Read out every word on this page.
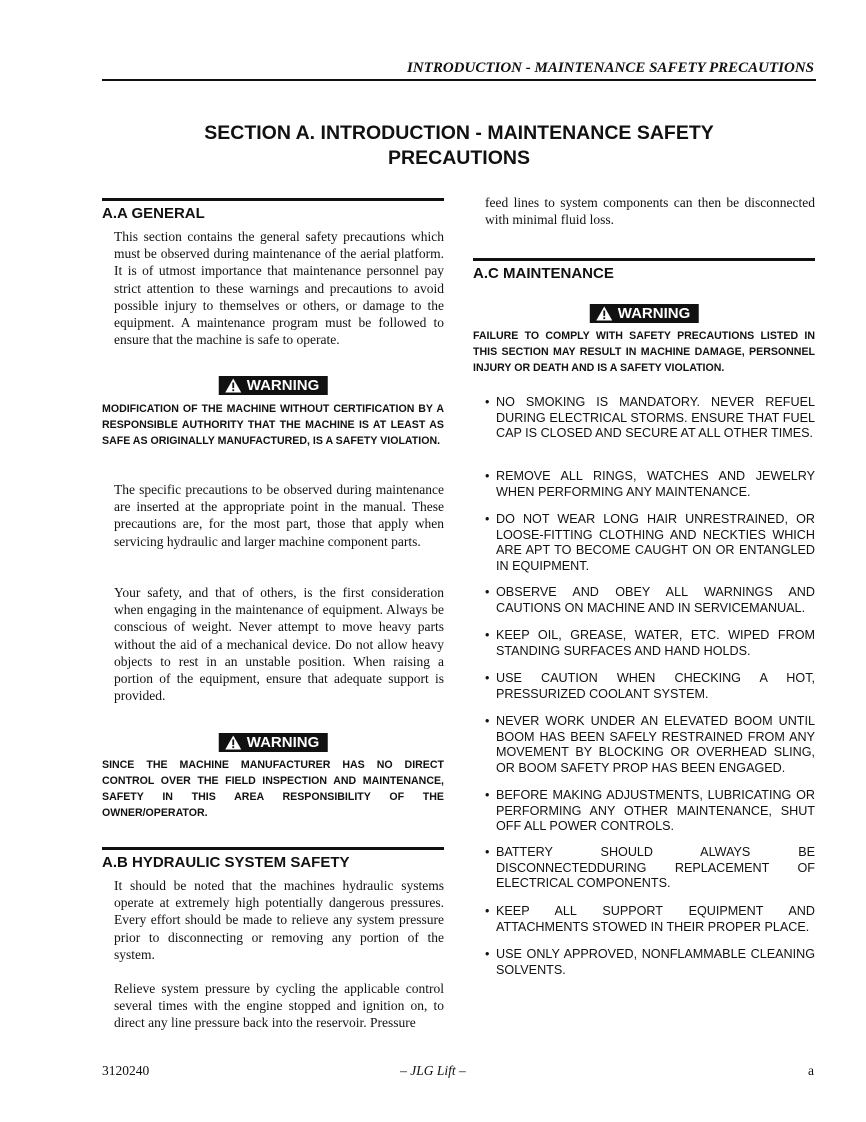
INTRODUCTION - MAINTENANCE SAFETY PRECAUTIONS
SECTION A. INTRODUCTION - MAINTENANCE SAFETY
PRECAUTIONS
A.A GENERAL

This section contains the general safety precautions which must be observed during maintenance of the aerial platform. It is of utmost importance that maintenance personnel pay strict attention to these warnings and precautions to avoid possible injury to themselves or others, or damage to the equipment. A maintenance program must be followed to ensure that the machine is safe to operate.

WARNING

MODIFICATION OF THE MACHINE WITHOUT CERTIFICATION BY A RESPONSIBLE AUTHORITY THAT THE MACHINE IS AT LEAST AS SAFE AS ORIGINALLY MANUFACTURED, IS A SAFETY VIOLATION.

The specific precautions to be observed during maintenance are inserted at the appropriate point in the manual. These precautions are, for the most part, those that apply when servicing hydraulic and larger machine component parts.

Your safety, and that of others, is the first consideration when engaging in the maintenance of equipment. Always be conscious of weight. Never attempt to move heavy parts without the aid of a mechanical device. Do not allow heavy objects to rest in an unstable position. When raising a portion of the equipment, ensure that adequate support is provided.

WARNING

SINCE THE MACHINE MANUFACTURER HAS NO DIRECT CONTROL OVER THE FIELD INSPECTION AND MAINTENANCE, SAFETY IN THIS AREA RESPONSIBILITY OF THE OWNER/OPERATOR.

A.B HYDRAULIC SYSTEM SAFETY

It should be noted that the machines hydraulic systems operate at extremely high potentially dangerous pressures. Every effort should be made to relieve any system pressure prior to disconnecting or removing any portion of the system.

Relieve system pressure by cycling the applicable control several times with the engine stopped and ignition on, to direct any line pressure back into the reservoir. Pressure

feed lines to system components can then be disconnected with minimal fluid loss.

A.C MAINTENANCE
WARNING

FAILURE TO COMPLY WITH SAFETY PRECAUTIONS LISTED IN THIS SECTION MAY RESULT IN MACHINE DAMAGE, PERSONNEL INJURY OR DEATH AND IS A SAFETY VIOLATION.

• NO SMOKING IS MANDATORY. NEVER REFUEL DURING ELECTRICAL STORMS. ENSURE THAT FUEL CAP IS CLOSED AND SECURE AT ALL OTHER TIMES.
• REMOVE ALL RINGS, WATCHES AND JEWELRY WHEN PERFORMING ANY MAINTENANCE.
• DO NOT WEAR LONG HAIR UNRESTRAINED, OR LOOSE-FITTING CLOTHING AND NECKTIES WHICH ARE APT TO BECOME CAUGHT ON OR ENTANGLED IN EQUIPMENT.
• OBSERVE AND OBEY ALL WARNINGS AND CAUTIONS ON MACHINE AND IN SERVICEMANUAL.
• KEEP OIL, GREASE, WATER, ETC. WIPED FROM STANDING SURFACES AND HAND HOLDS.
• USE CAUTION WHEN CHECKING A HOT, PRESSURIZED COOLANT SYSTEM.
• NEVER WORK UNDER AN ELEVATED BOOM UNTIL BOOM HAS BEEN SAFELY RESTRAINED FROM ANY MOVEMENT BY BLOCKING OR OVERHEAD SLING, OR BOOM SAFETY PROP HAS BEEN ENGAGED.
• BEFORE MAKING ADJUSTMENTS, LUBRICATING OR PERFORMING ANY OTHER MAINTENANCE, SHUT OFF ALL POWER CONTROLS.
• BATTERY SHOULD ALWAYS BE DISCONNECTEDDURING REPLACEMENT OF ELECTRICAL COMPONENTS.
• KEEP ALL SUPPORT EQUIPMENT AND ATTACHMENTS STOWED IN THEIR PROPER PLACE.
• USE ONLY APPROVED, NONFLAMMABLE CLEANING SOLVENTS.
3120240	– JLG Lift –	a
